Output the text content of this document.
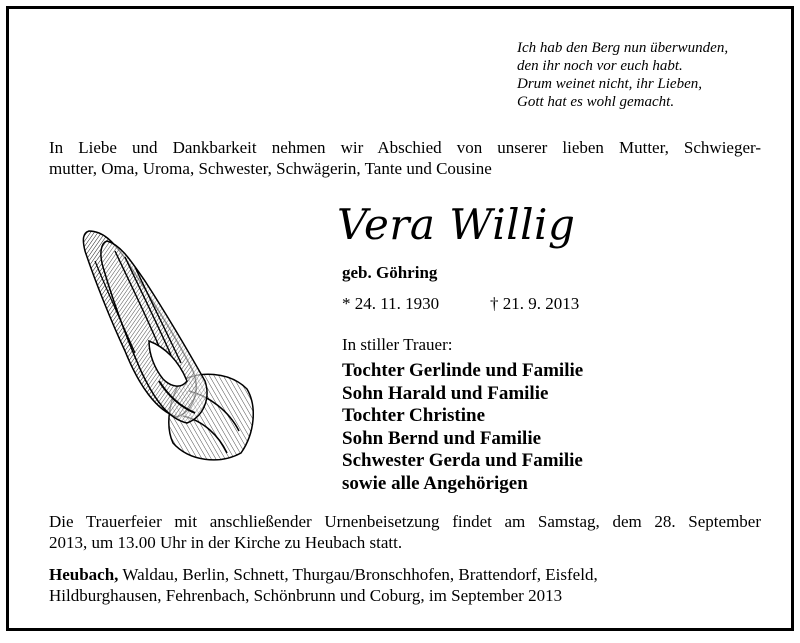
Ich hab den Berg nun überwunden,
den ihr noch vor euch habt.
Drum weinet nicht, ihr Lieben,
Gott hat es wohl gemacht.

In Liebe und Dankbarkeit nehmen wir Abschied von unserer lieben Mutter, Schwieger-
mutter, Oma, Uroma, Schwester, Schwägerin, Tante und Cousine

Vera Willig
geb. Göhring
* 24. 11. 1930	† 21. 9. 2013
In stiller Trauer:
Tochter Gerlinde und Familie
Sohn Harald und Familie
Tochter Christine
Sohn Bernd und Familie
Schwester Gerda und Familie
sowie alle Angehörigen

Die Trauerfeier mit anschließender Urnenbeisetzung findet am Samstag, dem 28. September
2013, um 13.00 Uhr in der Kirche zu Heubach statt.

Heubach, Waldau, Berlin, Schnett, Thurgau/Bronschhofen, Brattendorf, Eisfeld,
Hildburghausen, Fehrenbach, Schönbrunn und Coburg, im September 2013
